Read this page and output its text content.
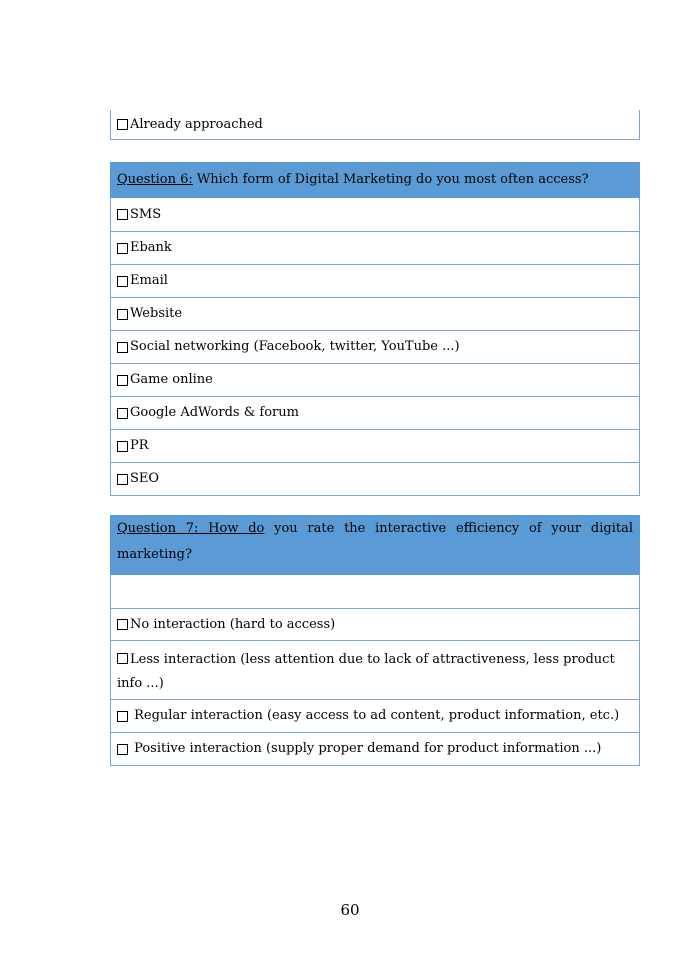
Already approached
Question 6: Which form of Digital Marketing do you most often access?
SMS
Ebank
Email
Website
Social networking (Facebook, twitter, YouTube ...)
Game online
Google AdWords & forum
PR
SEO
Question 7: How do you rate the interactive efficiency of your digital marketing?
No interaction (hard to access)
Less interaction (less attention due to lack of attractiveness, less product info ...)
Regular interaction (easy access to ad content, product information, etc.)
Positive interaction (supply proper demand for product information ...)
60
